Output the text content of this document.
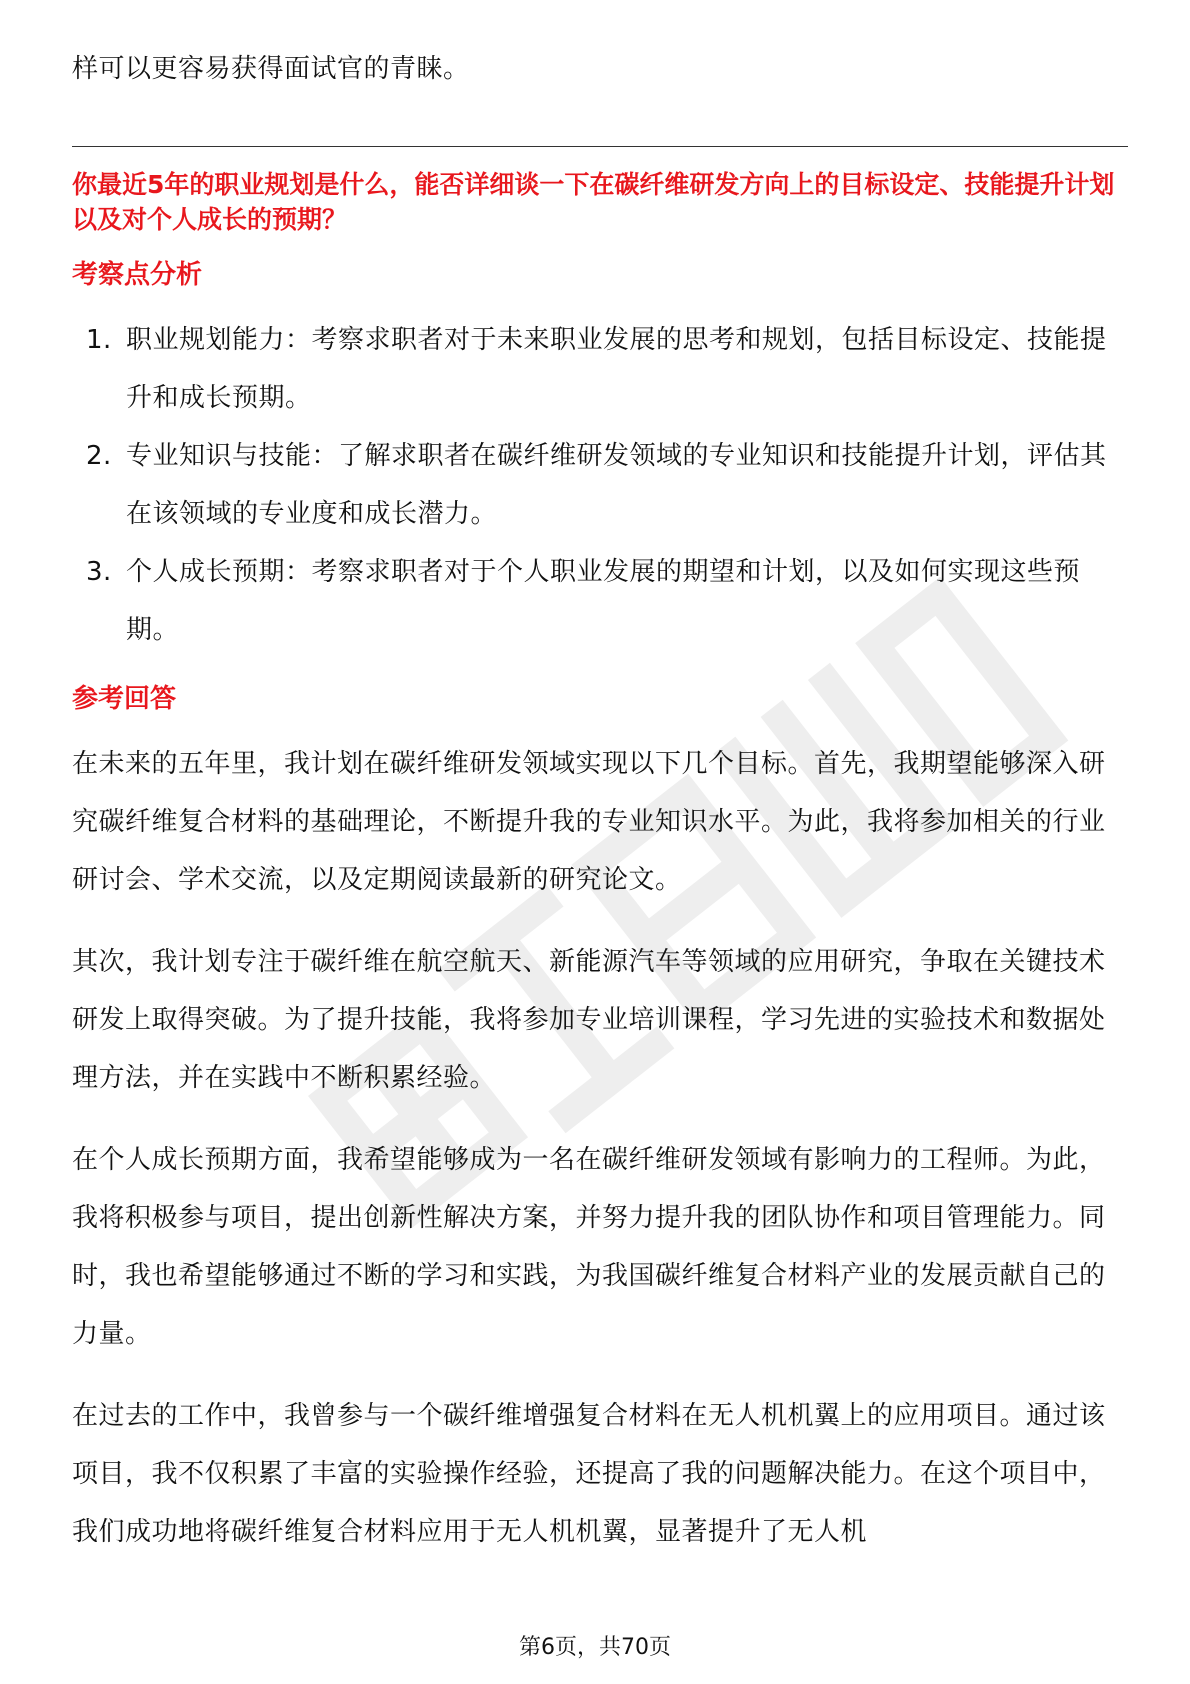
样可以更容易获得面试官的青睐。

你最近5年的职业规划是什么，能否详细谈一下在碳纤维研发方向上的目标设定、技能提升计划以及对个人成长的预期？

考察点分析
1. 职业规划能力：考察求职者对于未来职业发展的思考和规划，包括目标设定、技能提升和成长预期。
2. 专业知识与技能：了解求职者在碳纤维研发领域的专业知识和技能提升计划，评估其在该领域的专业度和成长潜力。
3. 个人成长预期：考察求职者对于个人职业发展的期望和计划，以及如何实现这些预期。
参考回答

在未来的五年里，我计划在碳纤维研发领域实现以下几个目标。首先，我期望能够深入研究碳纤维复合材料的基础理论，不断提升我的专业知识水平。为此，我将参加相关的行业研讨会、学术交流，以及定期阅读最新的研究论文。

其次，我计划专注于碳纤维在航空航天、新能源汽车等领域的应用研究，争取在关键技术研发上取得突破。为了提升技能，我将参加专业培训课程，学习先进的实验技术和数据处理方法，并在实践中不断积累经验。

在个人成长预期方面，我希望能够成为一名在碳纤维研发领域有影响力的工程师。为此，我将积极参与项目，提出创新性解决方案，并努力提升我的团队协作和项目管理能力。同时，我也希望能够通过不断的学习和实践，为我国碳纤维复合材料产业的发展贡献自己的力量。

在过去的工作中，我曾参与一个碳纤维增强复合材料在无人机机翼上的应用项目。通过该项目，我不仅积累了丰富的实验操作经验，还提高了我的问题解决能力。在这个项目中，我们成功地将碳纤维复合材料应用于无人机机翼，显著提升了无人机

第6页，共70页
